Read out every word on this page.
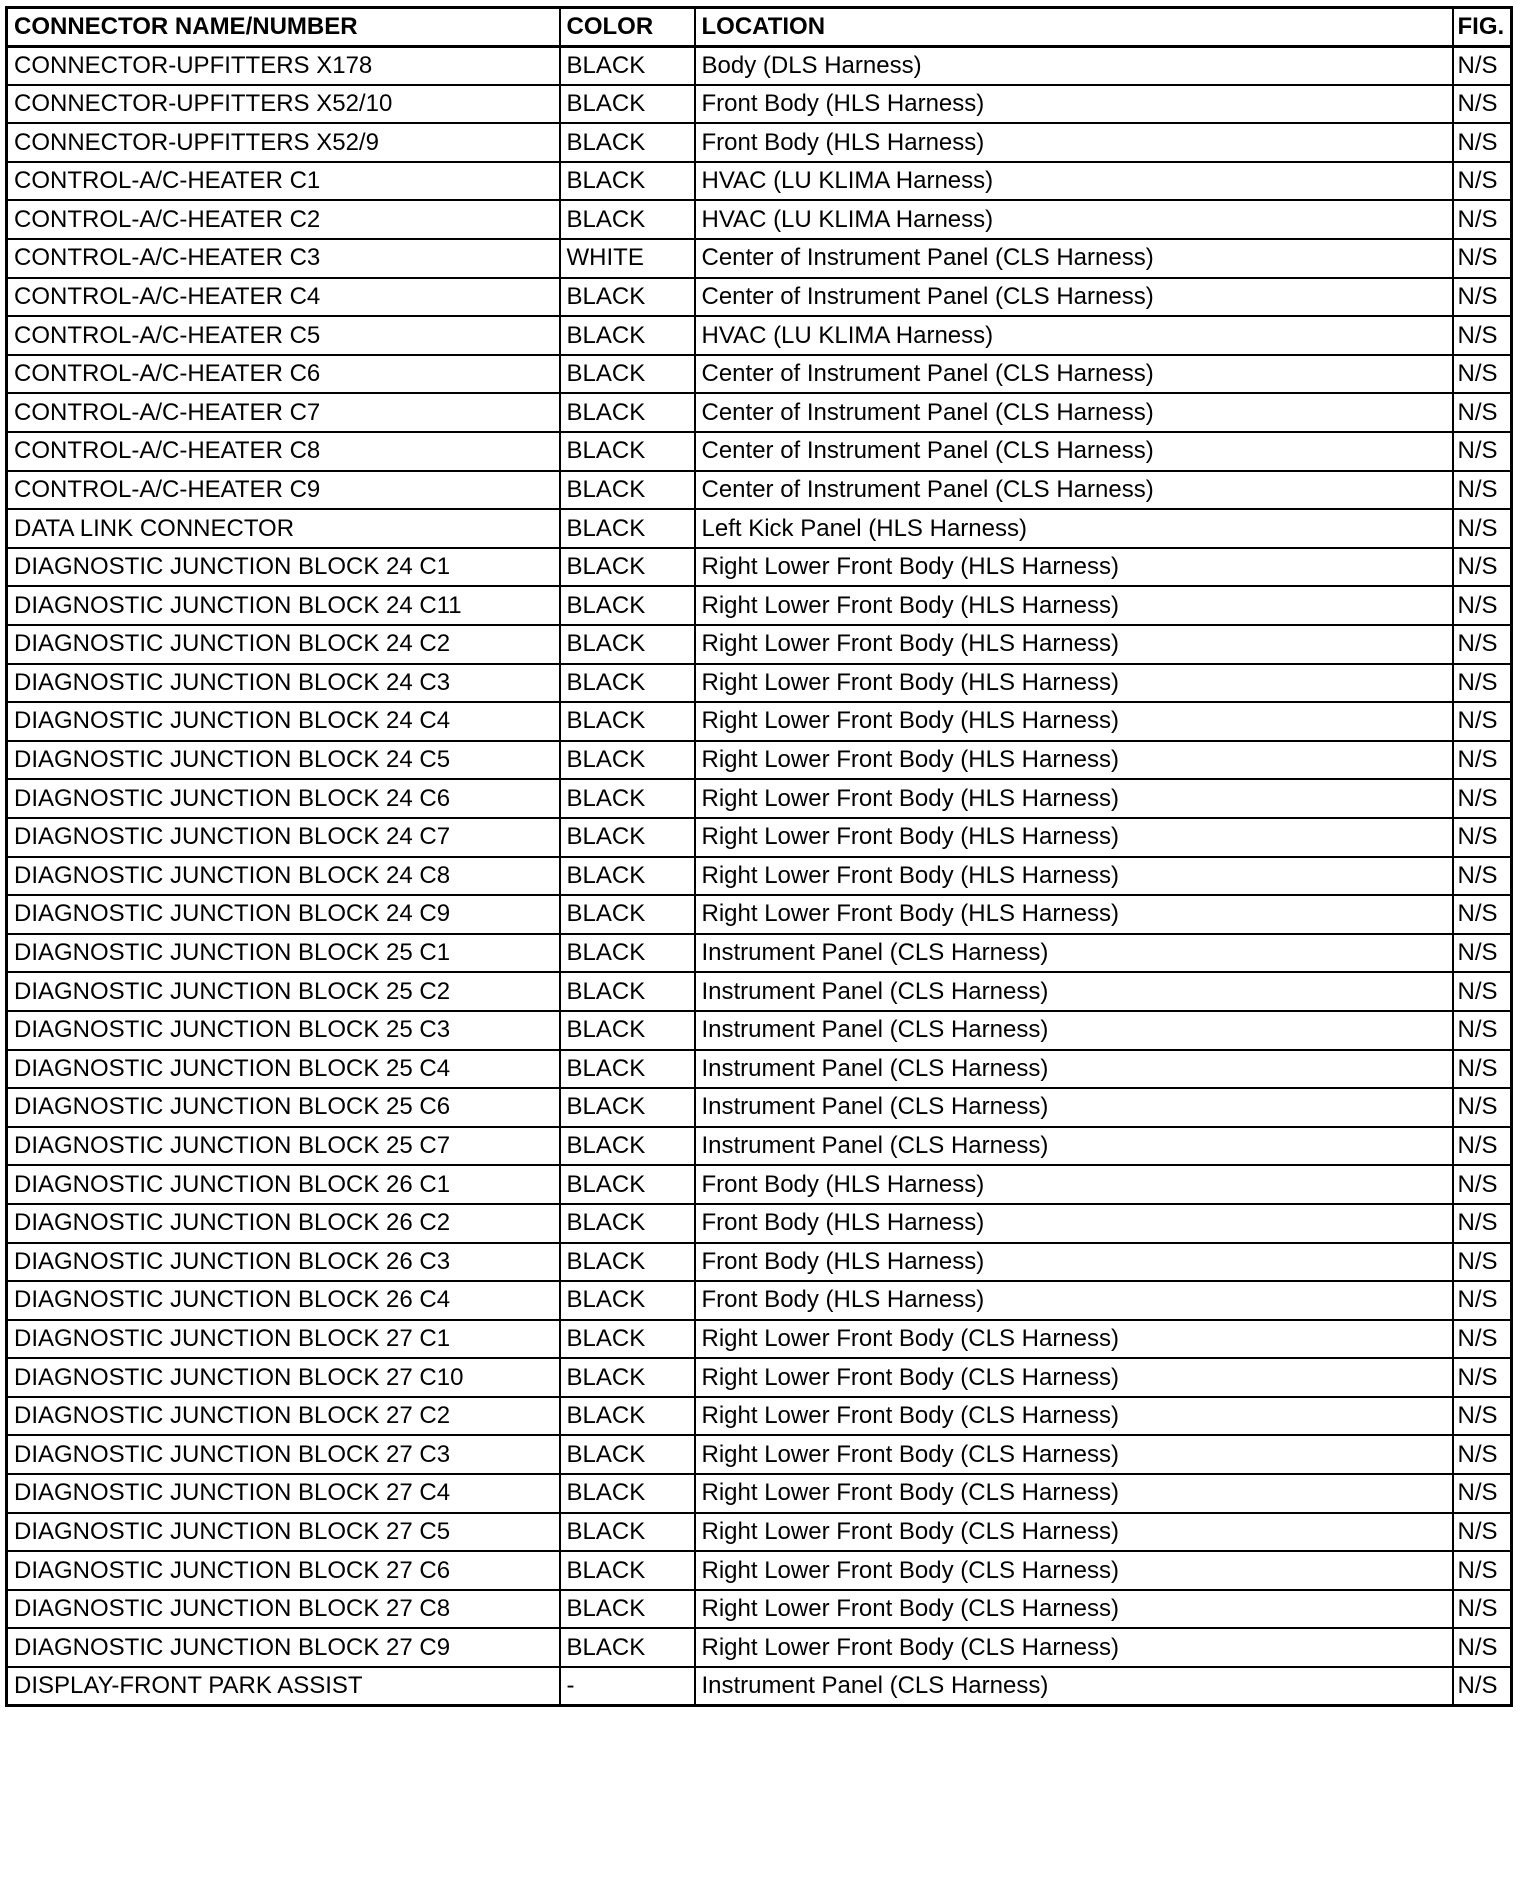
CONNECTOR NAME/NUMBER	COLOR	LOCATION	FIG.
CONNECTOR-UPFITTERS X178	BLACK	Body (DLS Harness)	N/S
CONNECTOR-UPFITTERS X52/10	BLACK	Front Body (HLS Harness)	N/S
CONNECTOR-UPFITTERS X52/9	BLACK	Front Body (HLS Harness)	N/S
CONTROL-A/C-HEATER C1	BLACK	HVAC (LU KLIMA Harness)	N/S
CONTROL-A/C-HEATER C2	BLACK	HVAC (LU KLIMA Harness)	N/S
CONTROL-A/C-HEATER C3	WHITE	Center of Instrument Panel (CLS Harness)	N/S
CONTROL-A/C-HEATER C4	BLACK	Center of Instrument Panel (CLS Harness)	N/S
CONTROL-A/C-HEATER C5	BLACK	HVAC (LU KLIMA Harness)	N/S
CONTROL-A/C-HEATER C6	BLACK	Center of Instrument Panel (CLS Harness)	N/S
CONTROL-A/C-HEATER C7	BLACK	Center of Instrument Panel (CLS Harness)	N/S
CONTROL-A/C-HEATER C8	BLACK	Center of Instrument Panel (CLS Harness)	N/S
CONTROL-A/C-HEATER C9	BLACK	Center of Instrument Panel (CLS Harness)	N/S
DATA LINK CONNECTOR	BLACK	Left Kick Panel (HLS Harness)	N/S
DIAGNOSTIC JUNCTION BLOCK 24 C1	BLACK	Right Lower Front Body (HLS Harness)	N/S
DIAGNOSTIC JUNCTION BLOCK 24 C11	BLACK	Right Lower Front Body (HLS Harness)	N/S
DIAGNOSTIC JUNCTION BLOCK 24 C2	BLACK	Right Lower Front Body (HLS Harness)	N/S
DIAGNOSTIC JUNCTION BLOCK 24 C3	BLACK	Right Lower Front Body (HLS Harness)	N/S
DIAGNOSTIC JUNCTION BLOCK 24 C4	BLACK	Right Lower Front Body (HLS Harness)	N/S
DIAGNOSTIC JUNCTION BLOCK 24 C5	BLACK	Right Lower Front Body (HLS Harness)	N/S
DIAGNOSTIC JUNCTION BLOCK 24 C6	BLACK	Right Lower Front Body (HLS Harness)	N/S
DIAGNOSTIC JUNCTION BLOCK 24 C7	BLACK	Right Lower Front Body (HLS Harness)	N/S
DIAGNOSTIC JUNCTION BLOCK 24 C8	BLACK	Right Lower Front Body (HLS Harness)	N/S
DIAGNOSTIC JUNCTION BLOCK 24 C9	BLACK	Right Lower Front Body (HLS Harness)	N/S
DIAGNOSTIC JUNCTION BLOCK 25 C1	BLACK	Instrument Panel (CLS Harness)	N/S
DIAGNOSTIC JUNCTION BLOCK 25 C2	BLACK	Instrument Panel (CLS Harness)	N/S
DIAGNOSTIC JUNCTION BLOCK 25 C3	BLACK	Instrument Panel (CLS Harness)	N/S
DIAGNOSTIC JUNCTION BLOCK 25 C4	BLACK	Instrument Panel (CLS Harness)	N/S
DIAGNOSTIC JUNCTION BLOCK 25 C6	BLACK	Instrument Panel (CLS Harness)	N/S
DIAGNOSTIC JUNCTION BLOCK 25 C7	BLACK	Instrument Panel (CLS Harness)	N/S
DIAGNOSTIC JUNCTION BLOCK 26 C1	BLACK	Front Body (HLS Harness)	N/S
DIAGNOSTIC JUNCTION BLOCK 26 C2	BLACK	Front Body (HLS Harness)	N/S
DIAGNOSTIC JUNCTION BLOCK 26 C3	BLACK	Front Body (HLS Harness)	N/S
DIAGNOSTIC JUNCTION BLOCK 26 C4	BLACK	Front Body (HLS Harness)	N/S
DIAGNOSTIC JUNCTION BLOCK 27 C1	BLACK	Right Lower Front Body (CLS Harness)	N/S
DIAGNOSTIC JUNCTION BLOCK 27 C10	BLACK	Right Lower Front Body (CLS Harness)	N/S
DIAGNOSTIC JUNCTION BLOCK 27 C2	BLACK	Right Lower Front Body (CLS Harness)	N/S
DIAGNOSTIC JUNCTION BLOCK 27 C3	BLACK	Right Lower Front Body (CLS Harness)	N/S
DIAGNOSTIC JUNCTION BLOCK 27 C4	BLACK	Right Lower Front Body (CLS Harness)	N/S
DIAGNOSTIC JUNCTION BLOCK 27 C5	BLACK	Right Lower Front Body (CLS Harness)	N/S
DIAGNOSTIC JUNCTION BLOCK 27 C6	BLACK	Right Lower Front Body (CLS Harness)	N/S
DIAGNOSTIC JUNCTION BLOCK 27 C8	BLACK	Right Lower Front Body (CLS Harness)	N/S
DIAGNOSTIC JUNCTION BLOCK 27 C9	BLACK	Right Lower Front Body (CLS Harness)	N/S
DISPLAY-FRONT PARK ASSIST	-	Instrument Panel (CLS Harness)	N/S
